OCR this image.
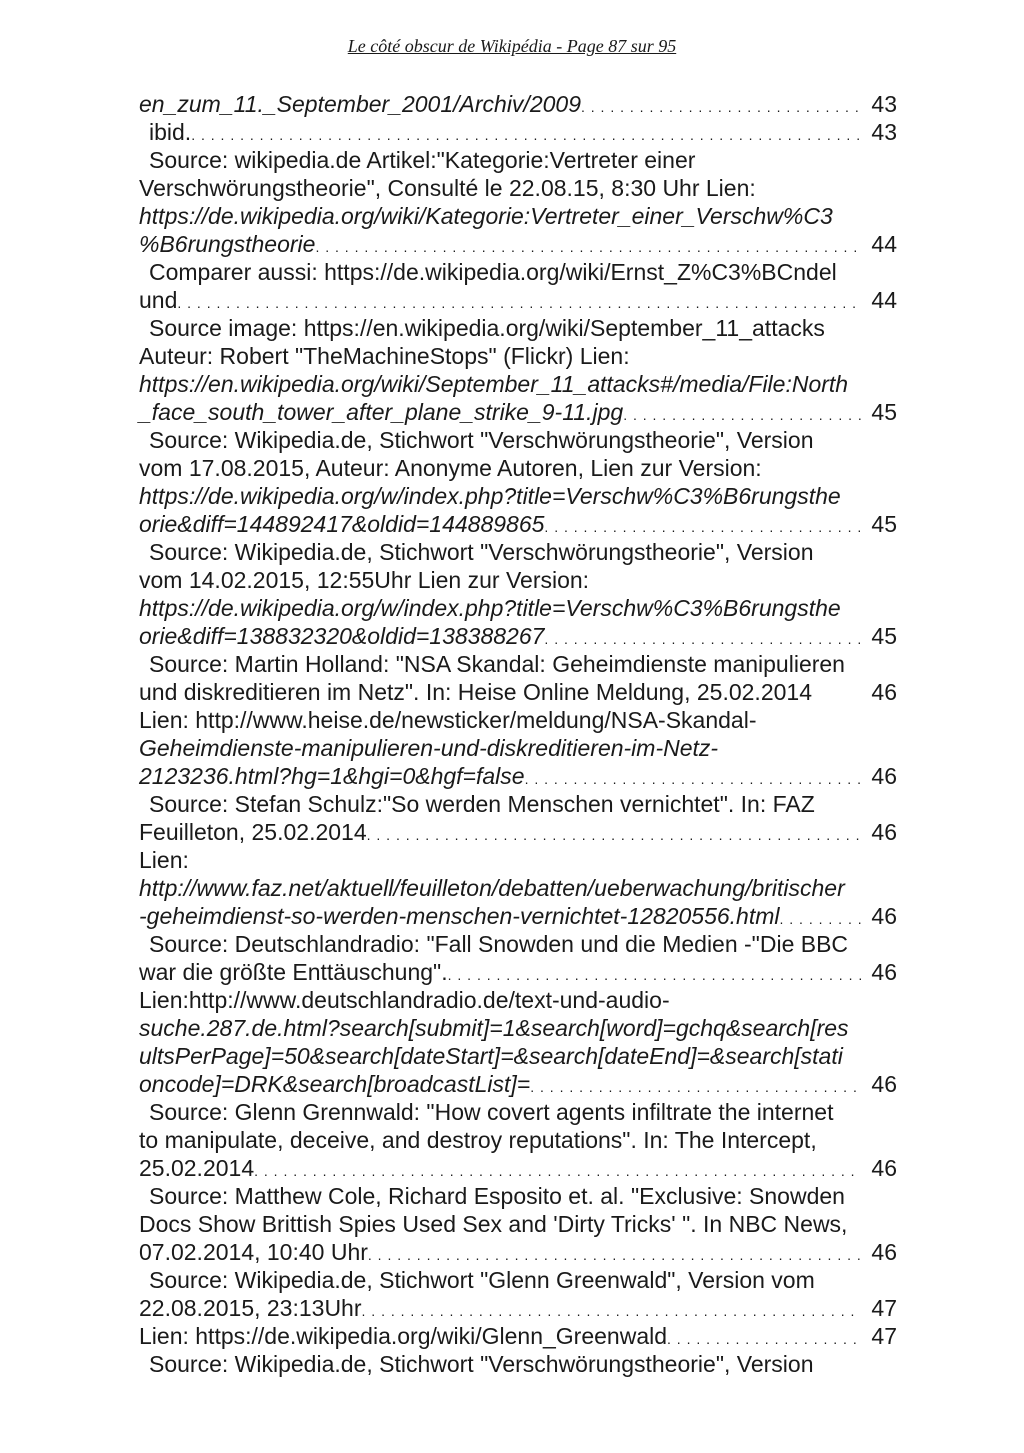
Le côté obscur de Wikipédia - Page 87 sur 95
en_zum_11._September_2001/Archiv/2009 . . .	43
ibid. . . .	43
Source: wikipedia.de Artikel:"Kategorie:Vertreter einer
Verschwörungstheorie", Consulté le 22.08.15, 8:30 Uhr Lien:
https://de.wikipedia.org/wiki/Kategorie:Vertreter_einer_Verschw%C3
%B6rungstheorie . . .	44
Comparer aussi: https://de.wikipedia.org/wiki/Ernst_Z%C3%BCndel
und . . .	44
Source image: https://en.wikipedia.org/wiki/September_11_attacks
Auteur: Robert "TheMachineStops" (Flickr) Lien:
https://en.wikipedia.org/wiki/September_11_attacks#/media/File:North
_face_south_tower_after_plane_strike_9-11.jpg . . .	45
Source: Wikipedia.de, Stichwort "Verschwörungstheorie", Version
vom 17.08.2015, Auteur: Anonyme Autoren, Lien zur Version:
https://de.wikipedia.org/w/index.php?title=Verschw%C3%B6rungsthe
orie&diff=144892417&oldid=144889865 . . .	45
Source: Wikipedia.de, Stichwort "Verschwörungstheorie", Version
vom 14.02.2015, 12:55Uhr Lien zur Version:
https://de.wikipedia.org/w/index.php?title=Verschw%C3%B6rungsthe
orie&diff=138832320&oldid=138388267 . . .	45
Source: Martin Holland: "NSA Skandal: Geheimdienste manipulieren
und diskreditieren im Netz". In: Heise Online Meldung, 25.02.2014	46
Lien: http://www.heise.de/newsticker/meldung/NSA-Skandal-
Geheimdienste-manipulieren-und-diskreditieren-im-Netz-
2123236.html?hg=1&hgi=0&hgf=false . . .	46
Source: Stefan Schulz:"So werden Menschen vernichtet". In: FAZ
Feuilleton, 25.02.2014 . . .	46
Lien:
http://www.faz.net/aktuell/feuilleton/debatten/ueberwachung/britischer
-geheimdienst-so-werden-menschen-vernichtet-12820556.html . . .	46
Source: Deutschlandradio: "Fall Snowden und die Medien -"Die BBC
war die größte Enttäuschung". . . .	46
Lien:http://www.deutschlandradio.de/text-und-audio-
suche.287.de.html?search[submit]=1&search[word]=gchq&search[res
ultsPerPage]=50&search[dateStart]=&search[dateEnd]=&search[stati
oncode]=DRK&search[broadcastList]= . . .	46
Source: Glenn Grennwald: "How covert agents infiltrate the internet
to manipulate, deceive, and destroy reputations". In: The Intercept,
25.02.2014 . . .	46
Source: Matthew Cole, Richard Esposito et. al. "Exclusive: Snowden
Docs Show Brittish Spies Used Sex and 'Dirty Tricks' ". In NBC News,
07.02.2014, 10:40 Uhr . . .	46
Source: Wikipedia.de, Stichwort "Glenn Greenwald", Version vom
22.08.2015, 23:13Uhr . . .	47
Lien: https://de.wikipedia.org/wiki/Glenn_Greenwald . . .	47
Source: Wikipedia.de, Stichwort "Verschwörungstheorie", Version
